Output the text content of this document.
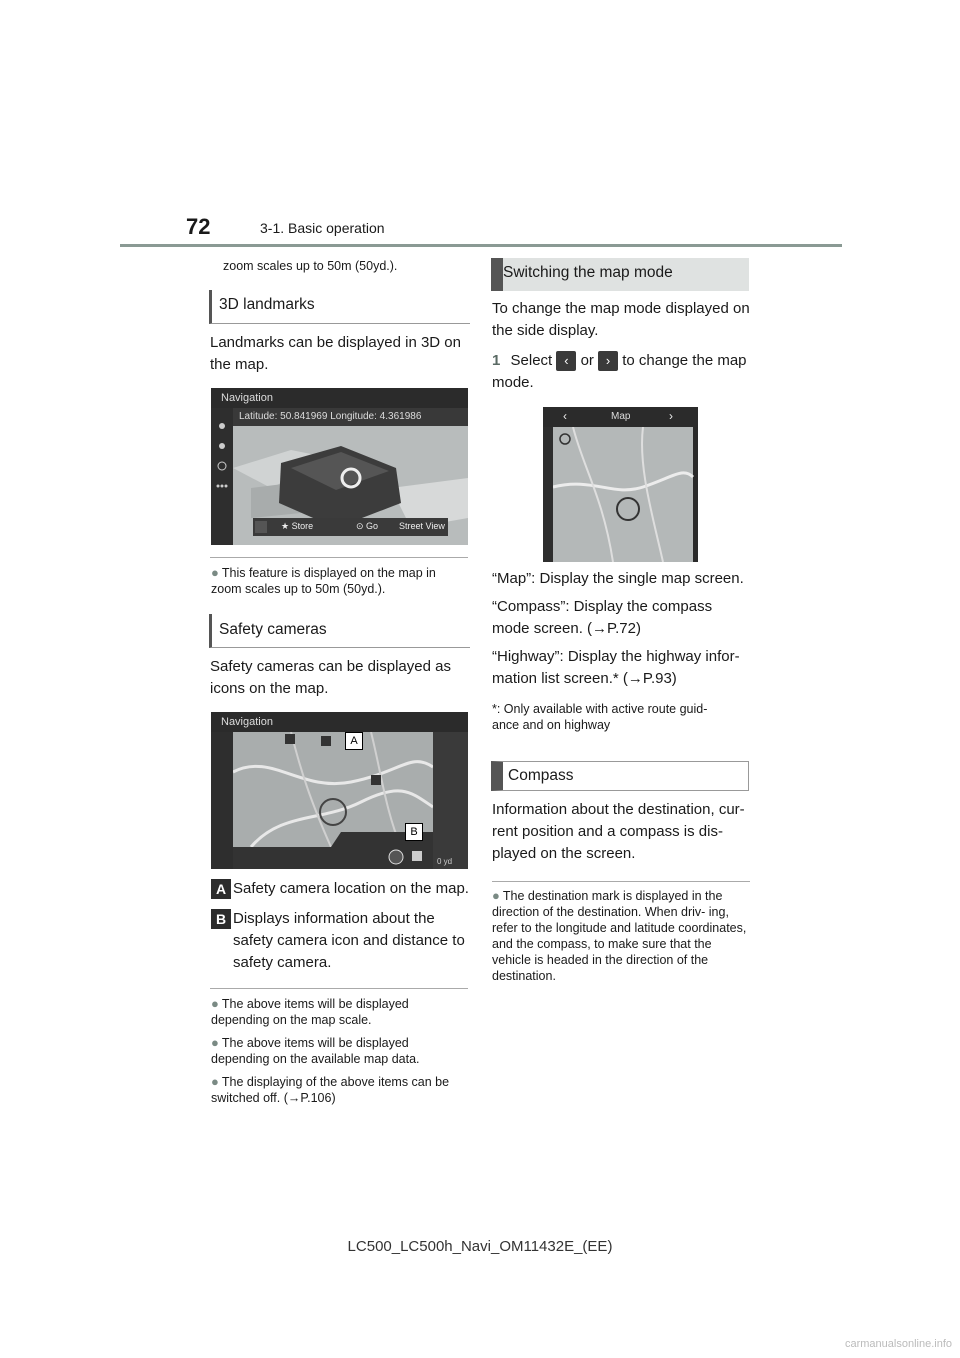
72	3-1. Basic operation
zoom scales up to 50m (50yd.).
3D landmarks
Landmarks can be displayed in 3D on the map.
Navigation
Latitude: 50.841969 Longitude: 4.361986
★ Store	⊙ Go Street View
● This feature is displayed on the map in zoom scales up to 50m (50yd.).
Safety cameras
Safety cameras can be displayed as icons on the map.
Navigation
A
B
0 yd
A Safety camera location on the map.
B Displays information about the safety camera icon and distance to safety camera.
● The above items will be displayed depending on the map scale.
● The above items will be displayed depending on the available map data.
● The displaying of the above items can be switched off. (→P.106)
Switching the map mode
To change the map mode displayed on the side display.
1 Select ‹ or › to change the map mode.
‹	Map	›
“Map”: Display the single map screen.
“Compass”: Display the compass mode screen. (→P.72)
“Highway”: Display the highway infor- mation list screen.* (→P.93)
*: Only available with active route guid- ance and on highway
Compass
Information about the destination, cur- rent position and a compass is dis- played on the screen.
● The destination mark is displayed in the direction of the destination. When driv- ing, refer to the longitude and latitude coordinates, and the compass, to make sure that the vehicle is headed in the direction of the destination.
LC500_LC500h_Navi_OM11432E_(EE)
carmanualsonline.info
